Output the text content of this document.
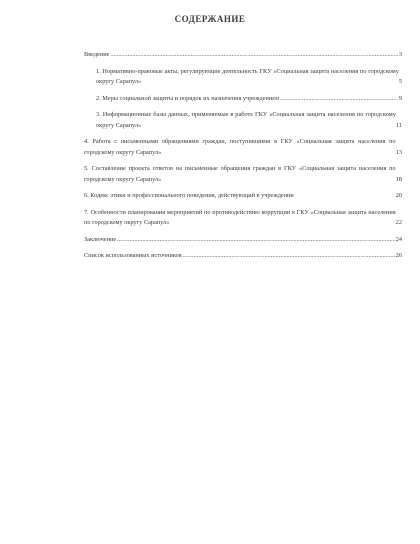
СОДЕРЖАНИЕ
Введение .....	3
1. Нормативно-правовые акты, регулирующие деятельность ГКУ «Социальная защита населения по городскому округу Сарапул»	5
2. Меры социальной защиты и порядок их назначения учреждением .....	9
3. Информационные базы данных, применяемые в работе ГКУ «Социальная защита населения по городскому округу Сарапул»	11
4. Работа с письменными обращениями граждан, поступившими в ГКУ «Социальная защита населения по городскому округу Сарапул»	13
5. Составление проекта ответов на письменные обращения граждан в ГКУ «Социальная защита населения по городскому округу Сарапул»	18
6. Кодекс этики и профессионального поведения, действующий в учреждении	20
7. Особенности планирования мероприятий по противодействию коррупции в ГКУ «Социальная защита населения по городскому округу Сарапул»	22
Заключение .....	24
Список использованных источников .....	26
